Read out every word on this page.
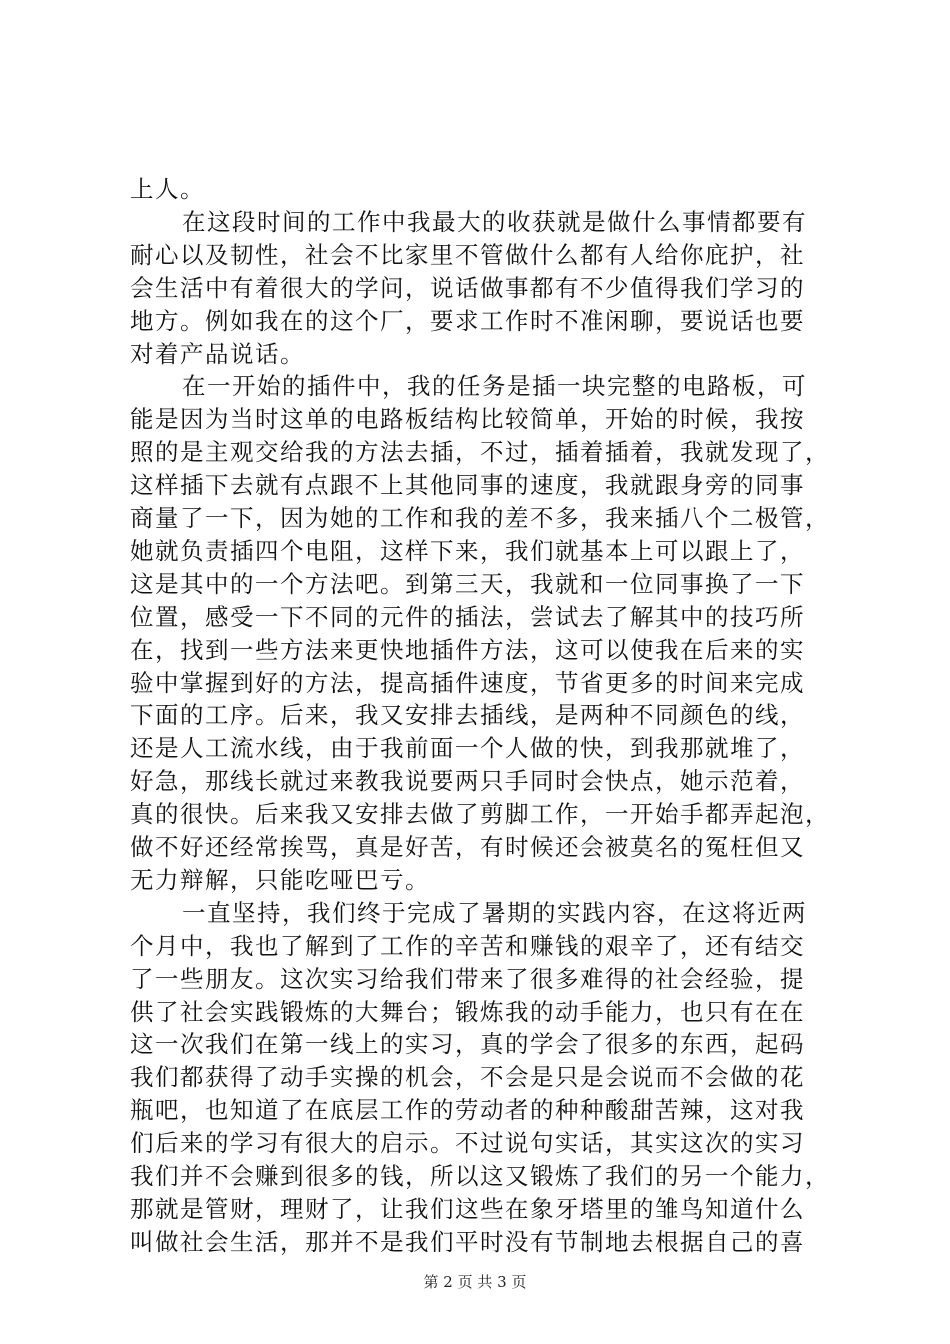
上人。
在这段时间的工作中我最大的收获就是做什么事情都要有
耐心以及韧性，社会不比家里不管做什么都有人给你庇护，社
会生活中有着很大的学问，说话做事都有不少值得我们学习的
地方。例如我在的这个厂，要求工作时不准闲聊，要说话也要
对着产品说话。
在一开始的插件中，我的任务是插一块完整的电路板，可
能是因为当时这单的电路板结构比较简单，开始的时候，我按
照的是主观交给我的方法去插，不过，插着插着，我就发现了，
这样插下去就有点跟不上其他同事的速度，我就跟身旁的同事
商量了一下，因为她的工作和我的差不多，我来插八个二极管，
她就负责插四个电阻，这样下来，我们就基本上可以跟上了，
这是其中的一个方法吧。到第三天，我就和一位同事换了一下
位置，感受一下不同的元件的插法，尝试去了解其中的技巧所
在，找到一些方法来更快地插件方法，这可以使我在后来的实
验中掌握到好的方法，提高插件速度，节省更多的时间来完成
下面的工序。后来，我又安排去插线，是两种不同颜色的线，
还是人工流水线，由于我前面一个人做的快，到我那就堆了，
好急，那线长就过来教我说要两只手同时会快点，她示范着，
真的很快。后来我又安排去做了剪脚工作，一开始手都弄起泡，
做不好还经常挨骂，真是好苦，有时候还会被莫名的冤枉但又
无力辩解，只能吃哑巴亏。
一直坚持，我们终于完成了暑期的实践内容，在这将近两
个月中，我也了解到了工作的辛苦和赚钱的艰辛了，还有结交
了一些朋友。这次实习给我们带来了很多难得的社会经验，提
供了社会实践锻炼的大舞台；锻炼我的动手能力，也只有在在
这一次我们在第一线上的实习，真的学会了很多的东西，起码
我们都获得了动手实操的机会，不会是只是会说而不会做的花
瓶吧，也知道了在底层工作的劳动者的种种酸甜苦辣，这对我
们后来的学习有很大的启示。不过说句实话，其实这次的实习
我们并不会赚到很多的钱，所以这又锻炼了我们的另一个能力，
那就是管财，理财了，让我们这些在象牙塔里的雏鸟知道什么
第 2 页 共 3 页
叫做社会生活，那并不是我们平时没有节制地去根据自己的喜
